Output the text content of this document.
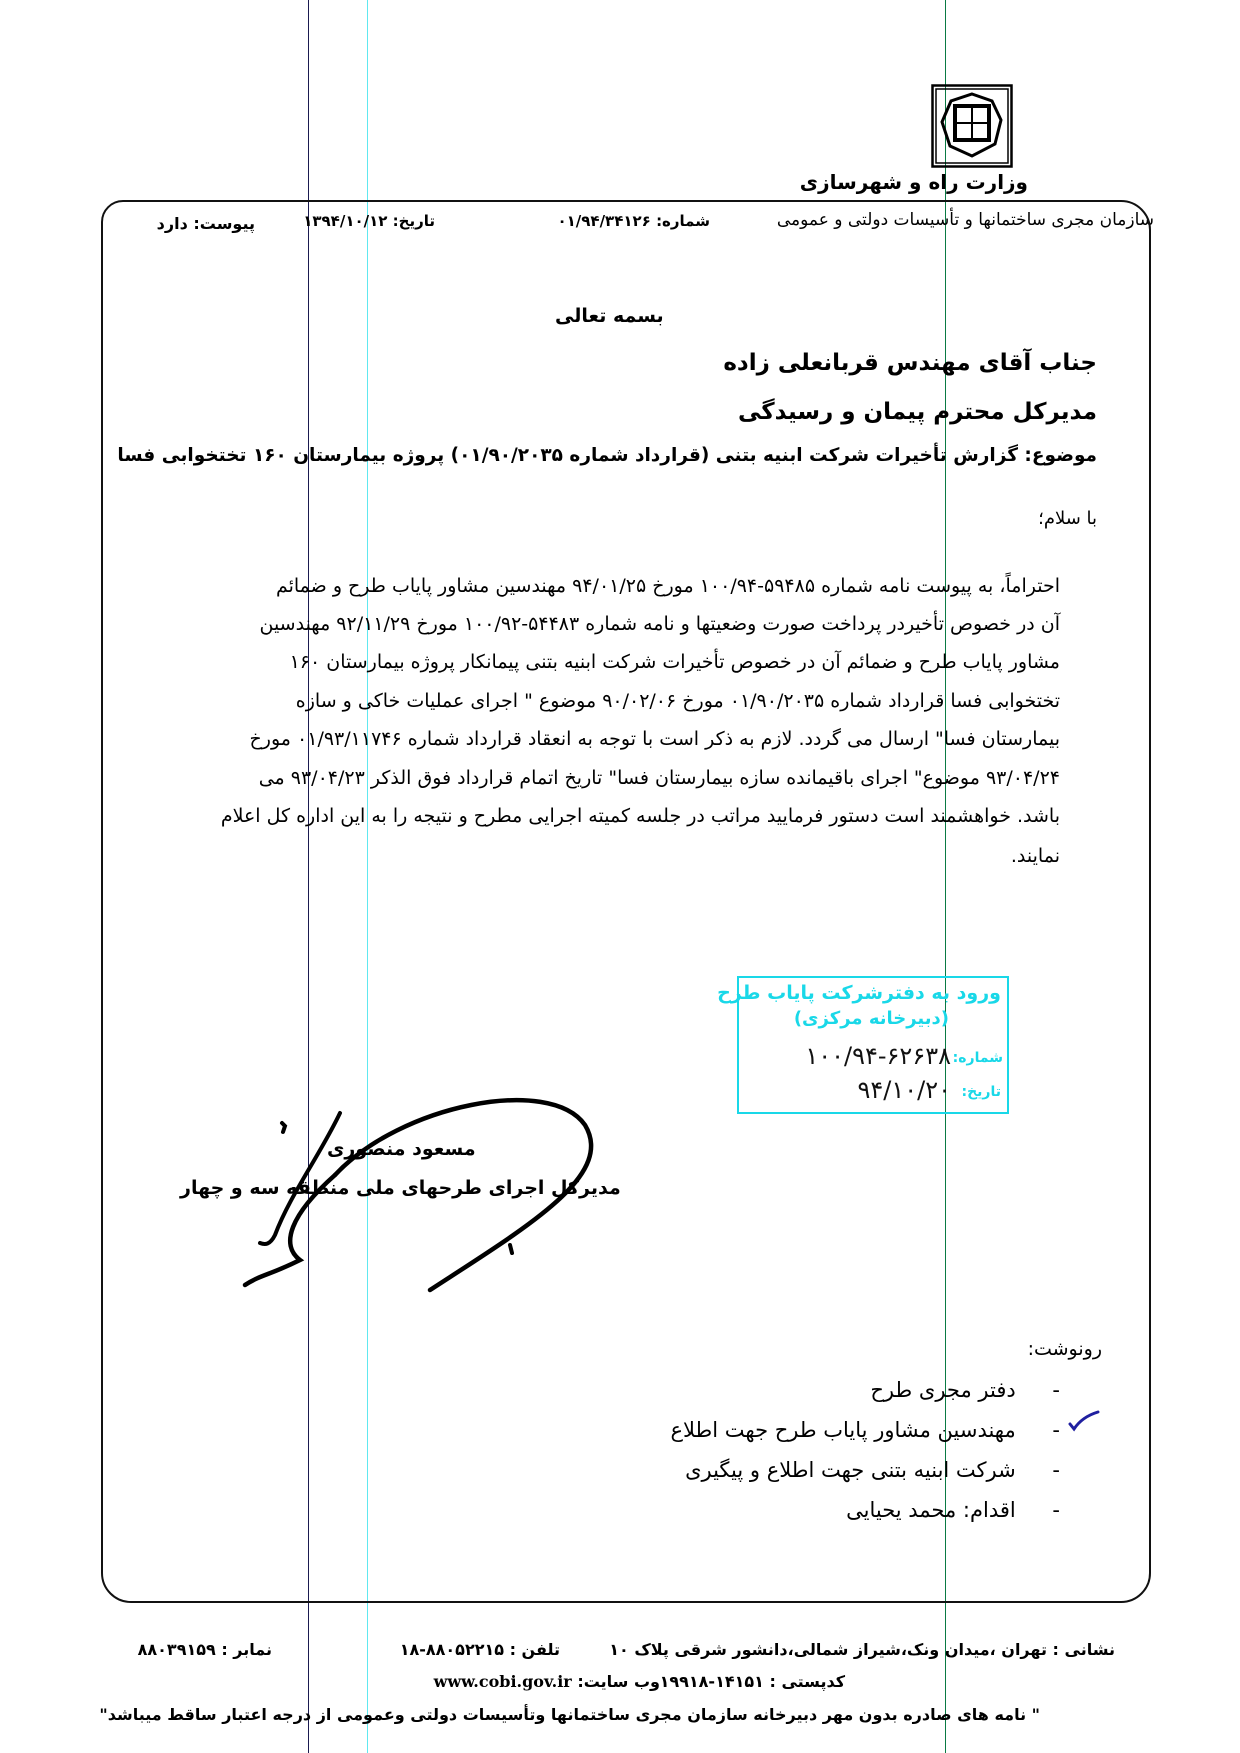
وزارت راه و شهرسازی
سازمان مجری ساختمانها و تأسیسات دولتی و عمومی
شماره: ۰۱/۹۴/۳۴۱۲۶
تاریخ: ۱۳۹۴/۱۰/۱۲
پیوست: دارد
بسمه تعالی
جناب آقای مهندس قربانعلی زاده
مدیرکل محترم پیمان و رسیدگی
موضوع: گزارش تأخیرات شرکت ابنیه بتنی (قرارداد شماره ۰۱/۹۰/۲۰۳۵) پروژه بیمارستان ۱۶۰ تختخوابی فسا
با سلام؛
احتراماً، به پیوست نامه شماره ۵۹۴۸۵-۱۰۰/۹۴ مورخ ۹۴/۰۱/۲۵ مهندسین مشاور پایاب طرح و ضمائم
آن در خصوص تأخیردر پرداخت صورت وضعیتها و نامه شماره ۵۴۴۸۳-۱۰۰/۹۲ مورخ ۹۲/۱۱/۲۹ مهندسین
مشاور پایاب طرح و ضمائم آن در خصوص تأخیرات شرکت ابنیه بتنی پیمانکار پروژه بیمارستان ۱۶۰
تختخوابی فسا قرارداد شماره ۰۱/۹۰/۲۰۳۵ مورخ ۹۰/۰۲/۰۶ موضوع " اجرای عملیات خاکی و سازه
بیمارستان فسا" ارسال می گردد. لازم به ذکر است با توجه به انعقاد قرارداد شماره ۰۱/۹۳/۱۱۷۴۶ مورخ
۹۳/۰۴/۲۴ موضوع" اجرای باقیمانده سازه بیمارستان فسا" تاریخ اتمام قرارداد فوق الذکر ۹۳/۰۴/۲۳ می
باشد. خواهشمند است دستور فرمایید مراتب در جلسه کمیته اجرایی مطرح و نتیجه را به این اداره کل اعلام
نمایند.
ورود به دفترشرکت پایاب طرح
(دبیرخانه مرکزی)
شماره:
۱۰۰/۹۴-۶۲۶۳۸
تاریخ:
۹۴/۱۰/۲۰
مسعود منصوری
مدیرکل اجرای طرحهای ملی منطقه سه و چهار
رونوشت:
- دفتر مجری طرح
- مهندسین مشاور پایاب طرح جهت اطلاع
- شرکت ابنیه بتنی جهت اطلاع و پیگیری
- اقدام: محمد یحیایی
نشانی : تهران ،میدان ونک،شیراز شمالی،دانشور شرقی پلاک ۱۰
تلفن : ۸۸۰۵۲۲۱۵-۱۸
نمابر : ۸۸۰۳۹۱۵۹
کدپستی : ۱۴۱۵۱-۱۹۹۱۸
وب سایت: www.cobi.gov.ir
" نامه های صادره بدون مهر دبیرخانه سازمان مجری ساختمانها وتأسیسات دولتی وعمومی از درجه اعتبار ساقط میباشد"
